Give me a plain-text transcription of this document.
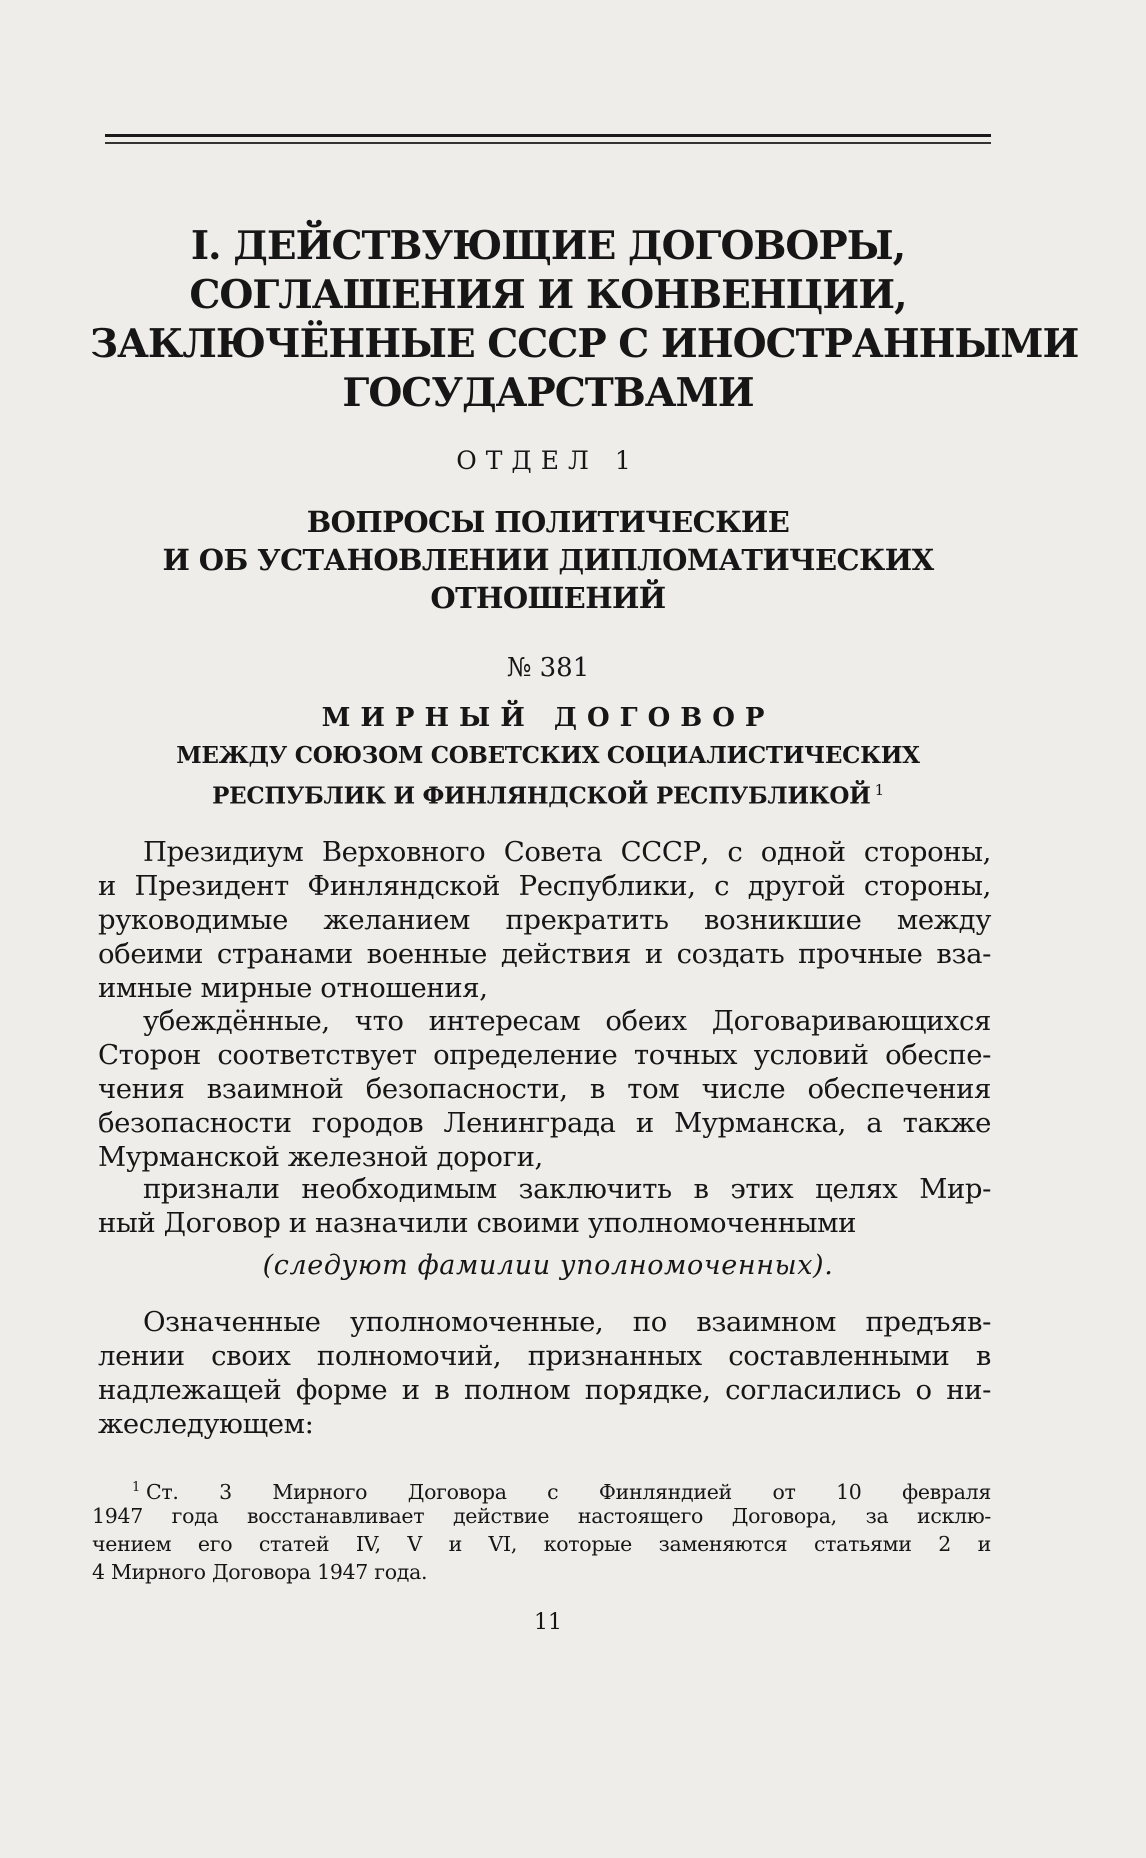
I. ДЕЙСТВУЮЩИЕ ДОГОВОРЫ,
СОГЛАШЕНИЯ И КОНВЕНЦИИ,
ЗАКЛЮЧЁННЫЕ СССР С ИНОСТРАННЫМИ
ГОСУДАРСТВАМИ
ОТДЕЛ 1
ВОПРОСЫ ПОЛИТИЧЕСКИЕ
И ОБ УСТАНОВЛЕНИИ ДИПЛОМАТИЧЕСКИХ
ОТНОШЕНИЙ
№ 381
МИРНЫЙ ДОГОВОР
МЕЖДУ СОЮЗОМ СОВЕТСКИХ СОЦИАЛИСТИЧЕСКИХ
РЕСПУБЛИК И ФИНЛЯНДСКОЙ РЕСПУБЛИКОЙ $^1$
Президиум Верховного Совета СССР, с одной стороны,
и Президент Финляндской Республики, с другой стороны,
руководимые желанием прекратить возникшие между
обеими странами военные действия и создать прочные вза-
имные мирные отношения,
убеждённые, что интересам обеих Договаривающихся
Сторон соответствует определение точных условий обеспе-
чения взаимной безопасности, в том числе обеспечения
безопасности городов Ленинграда и Мурманска, а также
Мурманской железной дороги,
признали необходимым заключить в этих целях Мир-
ный Договор и назначили своими уполномоченными
(следуют фамилии уполномоченных).
Означенные уполномоченные, по взаимном предъяв-
лении своих полномочий, признанных составленными в
надлежащей форме и в полном порядке, согласились о ни-
жеследующем:
$^1$ Ст. 3 Мирного Договора с Финляндией от 10 февраля
1947 года восстанавливает действие настоящего Договора, за исклю-
чением его статей IV, V и VI, которые заменяются статьями 2 и
4 Мирного Договора 1947 года.
11
